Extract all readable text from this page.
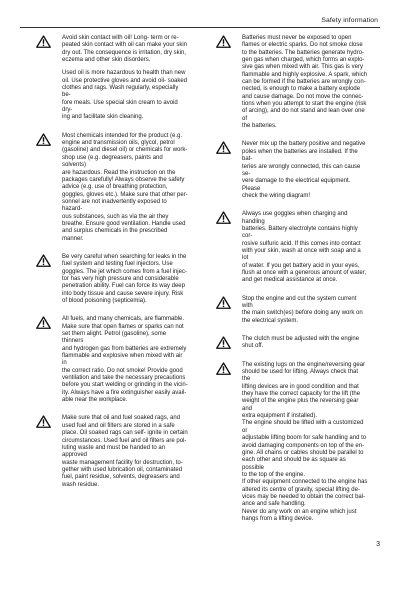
Safety information

Avoid skin contact with oil! Long- term or re-
peated skin contact with oil can make your skin
dry out. The consequence is irritation, dry skin,
eczema and other skin disorders.

Used oil is more hazardous to health than new
oil. Use protective gloves and avoid oil- soaked
clothes and rags. Wash regularly, especially be-
fore meals. Use special skin cream to avoid dry-
ing and facilitate skin cleaning.

Most chemicals intended for the product (e.g.
engine and transmission oils, glycol, petrol
(gasoline) and diesel oil) or chemicals for work-
shop use (e.g. degreasers, paints and solvents)
are hazardous. Read the instruction on the
packages carefully! Always observe the safety
advice (e.g. use of breathing protection,
goggles, gloves etc.). Make sure that other per-
sonnel are not inadvertently exposed to hazard-
ous substances, such as via the air they
breathe. Ensure good ventilation. Handle used
and surplus chemicals in the prescribed manner.

Be very careful when searching for leaks in the
fuel system and testing fuel injectors. Use
goggles. The jet which comes from a fuel injec-
tor has very high pressure and considerable
penetration ability. Fuel can force its way deep
into body tissue and cause severe injury. Risk
of blood poisoning (septicemia).

All fuels, and many chemicals, are flammable.
Make sure that open flames or sparks can not
set them alight. Petrol (gasoline), some thinners
and hydrogen gas from batteries are extremely
flammable and explosive when mixed with air in
the correct ratio. Do not smoke! Provide good
ventilation and take the necessary precautions
before you start welding or grinding in the vicin-
ity. Always have a fire extinguisher easily avail-
able near the workplace.

Make sure that oil and fuel soaked rags, and
used fuel and oil filters are stored in a safe
place. Oil soaked rags can self- ignite in certain
circumstances. Used fuel and oil filters are pol-
luting waste and must be handed to an approved
waste management facility for destruction, to-
gether with used lubrication oil, contaminated
fuel, paint residue, solvents, degreasers and
wash residue.

Batteries must never be exposed to open
flames or electric sparks. Do not smoke close
to the batteries. The batteries generate hydro-
gen gas when charged, which forms an explo-
sive gas when mixed with air. This gas is very
flammable and highly explosive. A spark, which
can be formed if the batteries are wrongly con-
nected, is enough to make a battery explode
and cause damage. Do not move the connec-
tions when you attempt to start the engine (risk
of arcing), and do not stand and lean over one of
the batteries.

Never mix up the battery positive and negative
poles when the batteries are installed. If the bat-
teries are wrongly connected, this can cause se-
vere damage to the electrical equipment. Please
check the wiring diagram!

Always use goggles when charging and handling
batteries. Battery electrolyte contains highly cor-
rosive sulfuric acid. If this comes into contact
with your skin, wash at once with soap and a lot
of water. If you get battery acid in your eyes,
flush at once with a generous amount of water,
and get medical assistance at once.

Stop the engine and cut the system current with
the main switch(es) before doing any work on
the electrical system.

The clutch must be adjusted with the engine
shut off.

The existing lugs on the engine/reversing gear
should be used for lifting. Always check that the
lifting devices are in good condition and that
they have the correct capacity for the lift (the
weight of the engine plus the reversing gear and
extra equipment if installed).
The engine should be lifted with a customized or
adjustable lifting boom for safe handling and to
avoid damaging components on top of the en-
gine. All chains or cables should be parallel to
each other and should be as square as possible
to the top of the engine.
If other equipment connected to the engine has
altered its centre of gravity, special lifting de-
vices may be needed to obtain the correct bal-
ance and safe handling.
Never do any work on an engine which just
hangs from a lifting device.

3
